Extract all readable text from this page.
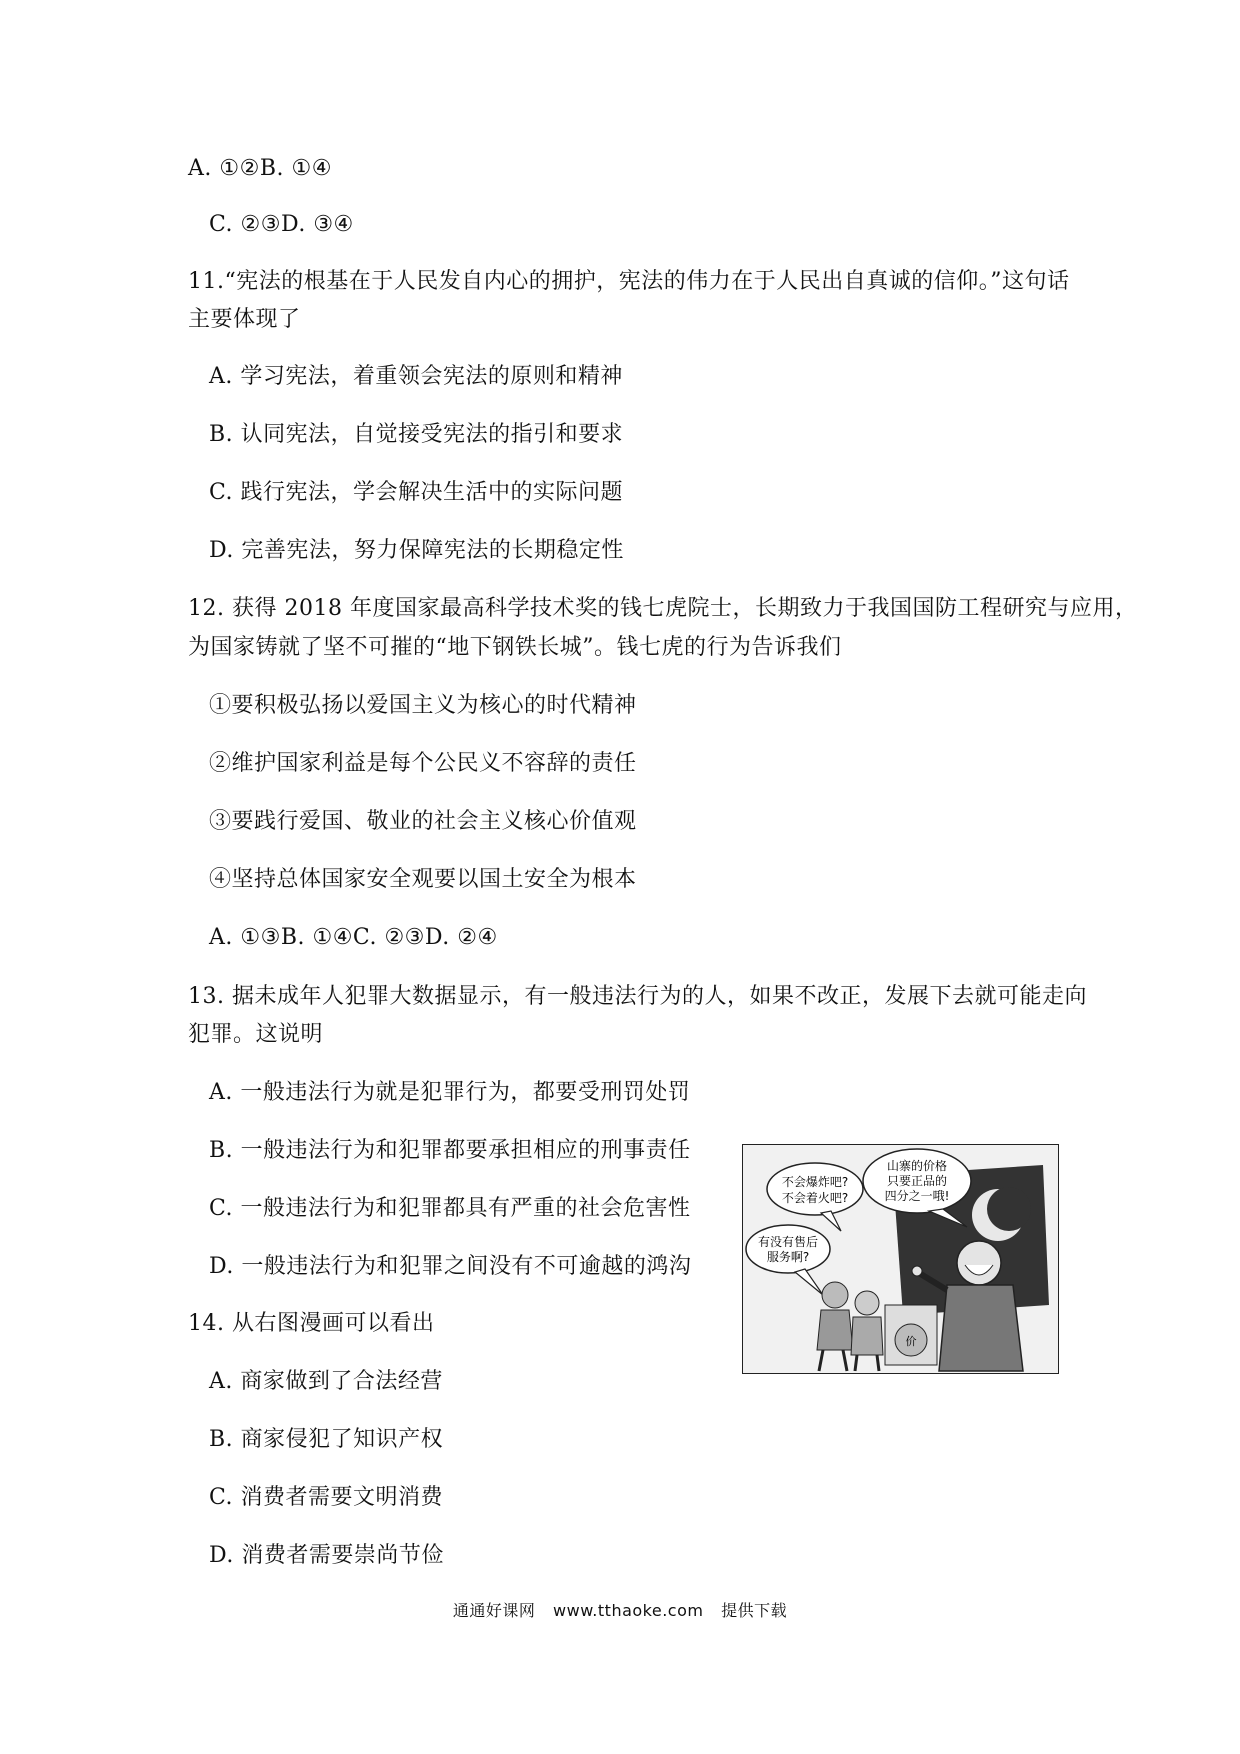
A. ①②B. ①④
C. ②③D. ③④
11.“宪法的根基在于人民发自内心的拥护，宪法的伟力在于人民出自真诚的信仰。”这句话
主要体现了
A. 学习宪法，着重领会宪法的原则和精神
B. 认同宪法，自觉接受宪法的指引和要求
C. 践行宪法，学会解决生活中的实际问题
D. 完善宪法，努力保障宪法的长期稳定性
12. 获得 2018 年度国家最高科学技术奖的钱七虎院士，长期致力于我国国防工程研究与应用，
为国家铸就了坚不可摧的“地下钢铁长城”。钱七虎的行为告诉我们
①要积极弘扬以爱国主义为核心的时代精神
②维护国家利益是每个公民义不容辞的责任
③要践行爱国、敬业的社会主义核心价值观
④坚持总体国家安全观要以国土安全为根本
A. ①③B. ①④C. ②③D. ②④
13. 据未成年人犯罪大数据显示，有一般违法行为的人，如果不改正，发展下去就可能走向
犯罪。这说明
A. 一般违法行为就是犯罪行为，都要受刑罚处罚
B. 一般违法行为和犯罪都要承担相应的刑事责任
C. 一般违法行为和犯罪都具有严重的社会危害性
D. 一般违法行为和犯罪之间没有不可逾越的鸿沟
14. 从右图漫画可以看出
A. 商家做到了合法经营
B. 商家侵犯了知识产权
C. 消费者需要文明消费
D. 消费者需要崇尚节俭
不会爆炸吧?
不会着火吧?
山寨的价格
只要正品的
四分之一哦!
有没有售后
服务啊?
价
通通好课网 www.tthaoke.com 提供下载
